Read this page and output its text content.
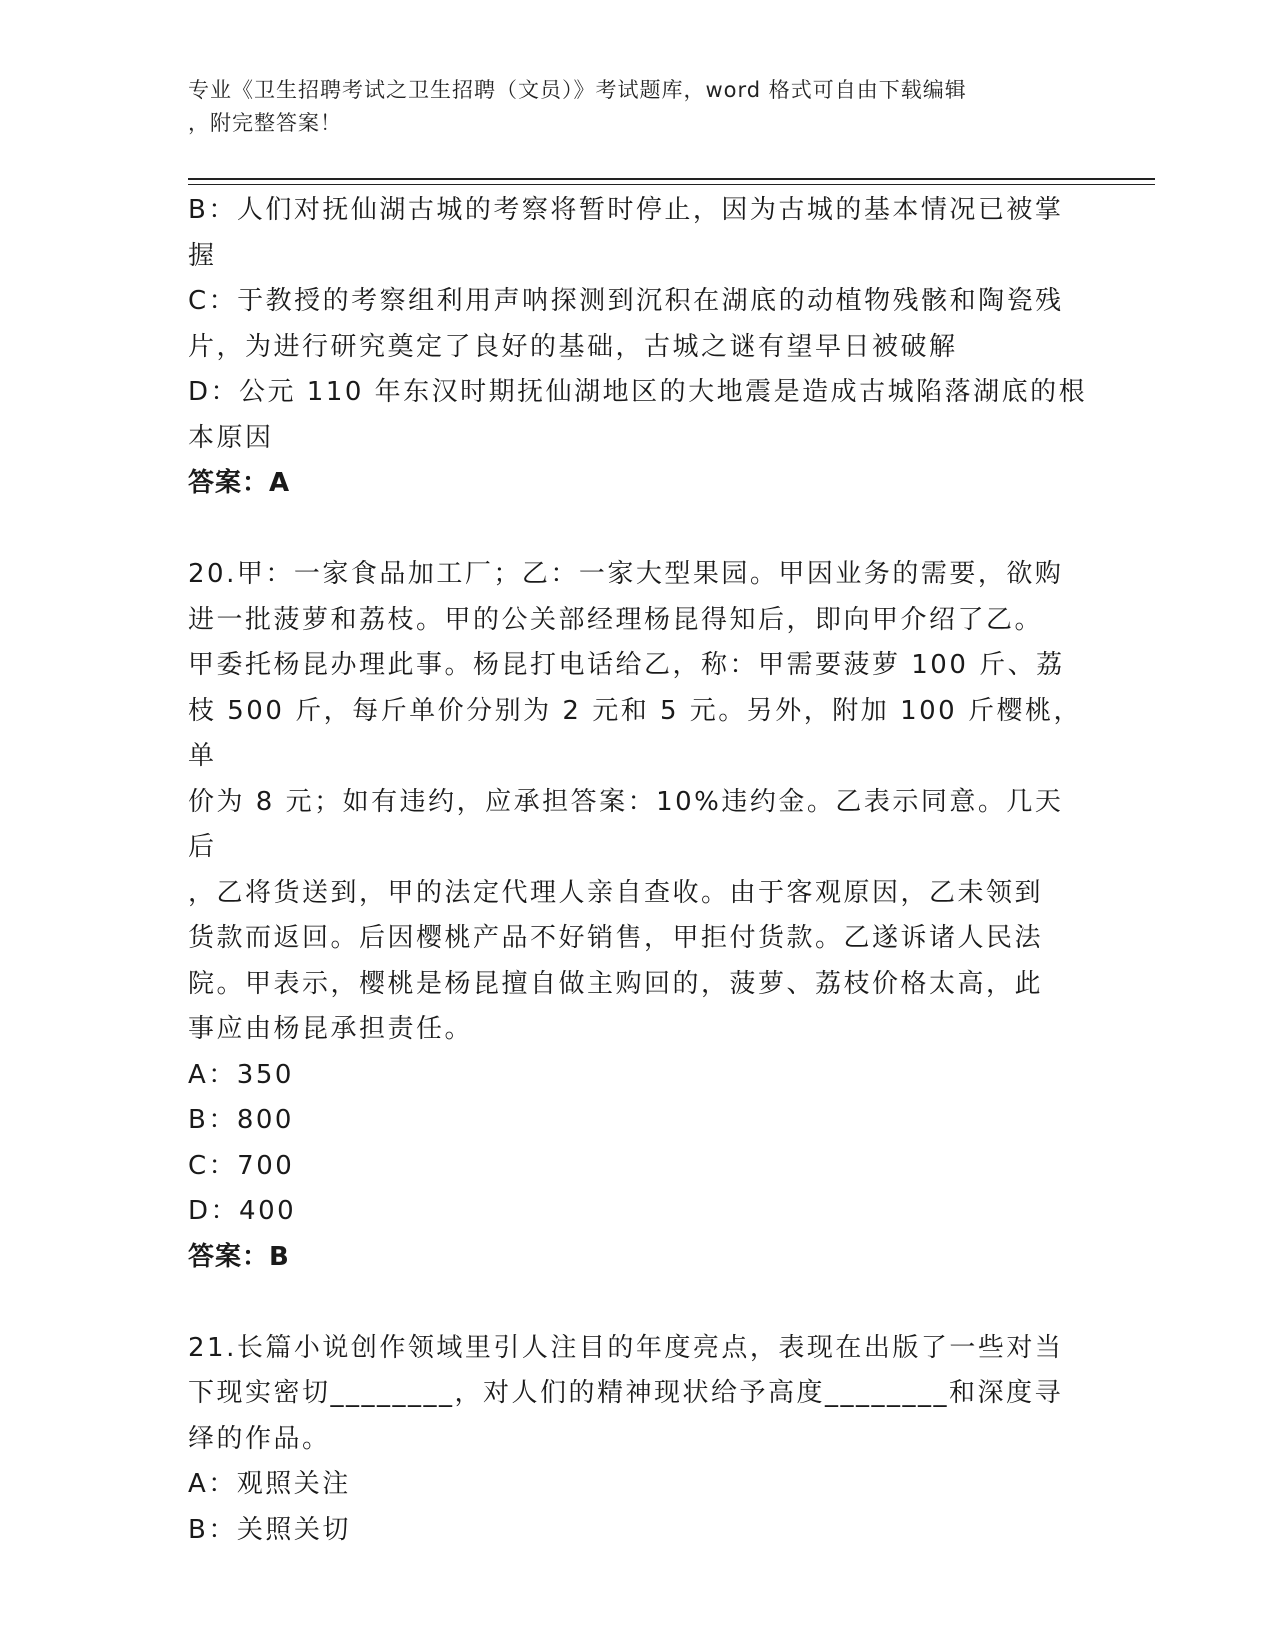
专业《卫生招聘考试之卫生招聘（文员）》考试题库，word 格式可自由下载编辑
，附完整答案！

B：人们对抚仙湖古城的考察将暂时停止，因为古城的基本情况已被掌

握

C：于教授的考察组利用声呐探测到沉积在湖底的动植物残骸和陶瓷残

片，为进行研究奠定了良好的基础，古城之谜有望早日被破解

D：公元 110 年东汉时期抚仙湖地区的大地震是造成古城陷落湖底的根

本原因

答案：A

20.甲：一家食品加工厂；乙：一家大型果园。甲因业务的需要，欲购

进一批菠萝和荔枝。甲的公关部经理杨昆得知后，即向甲介绍了乙。

甲委托杨昆办理此事。杨昆打电话给乙，称：甲需要菠萝 100 斤、荔

枝 500 斤，每斤单价分别为 2 元和 5 元。另外，附加 100 斤樱桃，单

价为 8 元；如有违约，应承担答案：10%违约金。乙表示同意。几天后

，乙将货送到，甲的法定代理人亲自查收。由于客观原因，乙未领到

货款而返回。后因樱桃产品不好销售，甲拒付货款。乙遂诉诸人民法

院。甲表示，樱桃是杨昆擅自做主购回的，菠萝、荔枝价格太高，此

事应由杨昆承担责任。

A：350

B：800

C：700

D：400

答案：B

21.长篇小说创作领域里引人注目的年度亮点，表现在出版了一些对当

下现实密切________，对人们的精神现状给予高度________和深度寻

绎的作品。

A：观照关注

B：关照关切
